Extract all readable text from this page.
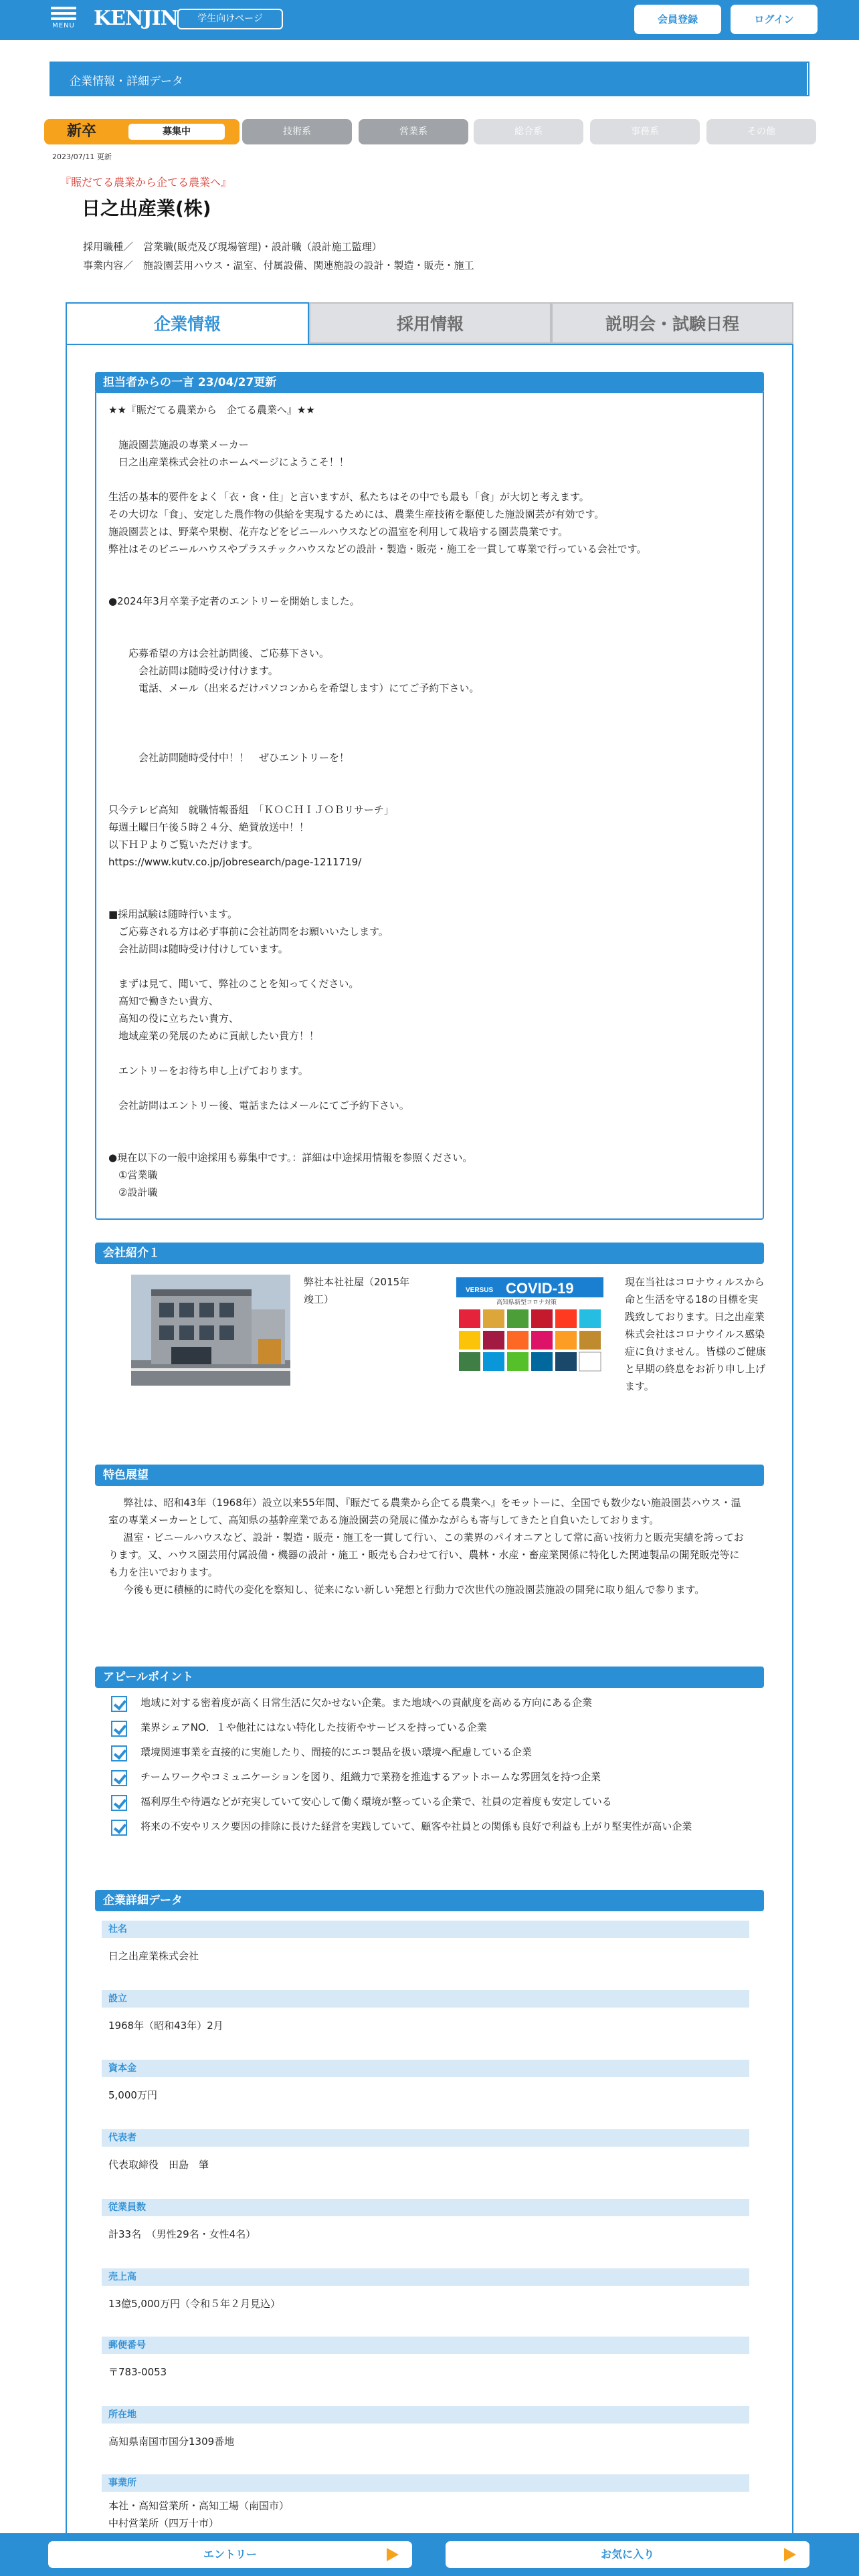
MENU KENJIN	学生向けページ	会員登録	ログイン
企業情報・詳細データ
新卒	募集中	技術系	営業系	総合系	事務系	その他
2023/07/11 更新
『賑だてる農業から企てる農業へ』
日之出産業(株)
採用職種／　営業職(販売及び現場管理)・設計職（設計施工監理）
事業内容／　施設園芸用ハウス・温室、付属設備、関連施設の設計・製造・販売・施工
企業情報	採用情報	説明会・試験日程
担当者からの一言 23/04/27更新
★★『賑だてる農業から　企てる農業へ』★★

　施設園芸施設の専業メーカー
　日之出産業株式会社のホームページにようこそ！！

生活の基本的要件をよく「衣・食・住」と言いますが、私たちはその中でも最も「食」が大切と考えます。
その大切な「食」、安定した農作物の供給を実現するためには、農業生産技術を駆使した施設園芸が有効です。
施設園芸とは、野菜や果樹、花卉などをビニールハウスなどの温室を利用して栽培する園芸農業です。
弊社はそのビニールハウスやプラスチックハウスなどの設計・製造・販売・施工を一貫して専業で行っている会社です。

●2024年3月卒業予定者のエントリーを開始しました。

　　応募希望の方は会社訪問後、ご応募下さい。
　　　会社訪問は随時受け付けます。
　　　電話、メール（出来るだけパソコンからを希望します）にてご予約下さい。

　　　会社訪問随時受付中！！　ぜひエントリーを！

只今テレビ高知　就職情報番組　「ＫＯＣＨＩＪＯＢリサーチ」
毎週土曜日午後５時２４分、絶賛放送中！！
以下ＨＰよりご覧いただけます。
https://www.kutv.co.jp/jobresearch/page-1211719/

■採用試験は随時行います。
　ご応募される方は必ず事前に会社訪問をお願いいたします。
　会社訪問は随時受け付けしています。

　まずは見て、聞いて、弊社のことを知ってください。
　高知で働きたい貴方、
　高知の役に立ちたい貴方、
　地域産業の発展のために貢献したい貴方！！

　エントリーをお待ち申し上げております。

　会社訪問はエントリー後、電話またはメールにてご予約下さい。

●現在以下の一般中途採用も募集中です。：詳細は中途採用情報を参照ください。
　①営業職
　②設計職
会社紹介１
弊社本社社屋（2015年竣工）
VERSUS COVID-19
高知県新型コロナ対策
現在当社はコロナウィルスから命と生活を守る18の目標を実践致しております。日之出産業株式会社はコロナウイルス感染症に負けません。皆様のご健康と早期の終息をお祈り申し上げます。
特色展望

弊社は、昭和43年（1968年）設立以来55年間、『賑だてる農業から企てる農業へ』をモットーに、全国でも数少ない施設園芸ハウス・温室の専業メーカーとして、高知県の基幹産業である施設園芸の発展に僅かながらも寄与してきたと自負いたしております。

温室・ビニールハウスなど、設計・製造・販売・施工を一貫して行い、この業界のパイオニアとして常に高い技術力と販売実績を誇っております。又、ハウス園芸用付属設備・機器の設計・施工・販売も合わせて行い、農林・水産・畜産業関係に特化した関連製品の開発販売等にも力を注いでおります。

今後も更に積極的に時代の変化を察知し、従来にない新しい発想と行動力で次世代の施設園芸施設の開発に取り組んで参ります。

アピールポイント
地域に対する密着度が高く日常生活に欠かせない企業。また地域への貢献度を高める方向にある企業
業界シェアNO．１や他社にはない特化した技術やサービスを持っている企業
環境関連事業を直接的に実施したり、間接的にエコ製品を扱い環境へ配慮している企業
チームワークやコミュニケーションを図り、組織力で業務を推進するアットホームな雰囲気を持つ企業
福利厚生や待遇などが充実していて安心して働く環境が整っている企業で、社員の定着度も安定している
将来の不安やリスク要因の排除に長けた経営を実践していて、顧客や社員との関係も良好で利益も上がり堅実性が高い企業
企業詳細データ
社名
日之出産業株式会社
設立
1968年（昭和43年）2月
資本金
5,000万円
代表者
代表取締役　田島　肇
従業員数
計33名　（男性29名・女性4名）
売上高
13億5,000万円（令和５年２月見込）
郵便番号
〒783-0053
所在地
高知県南国市国分1309番地
事業所
本社・高知営業所・高知工場（南国市）
中村営業所（四万十市）
エントリー	お気に入り
